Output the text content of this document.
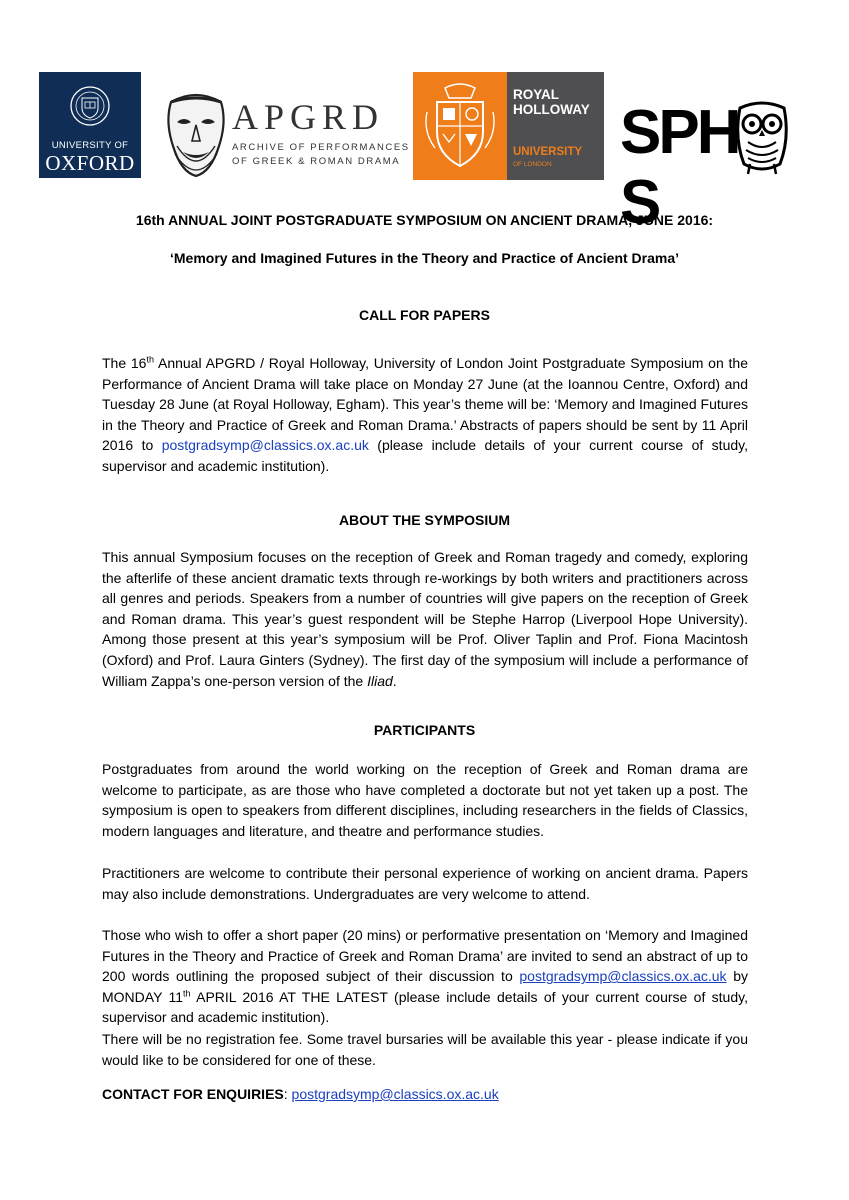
UNIVERSITY OF
OXFORD
APGRD
ARCHIVE OF PERFORMANCES
OF GREEK & ROMAN DRAMA
ROYAL
HOLLOWAY
UNIVERSITY
OF LONDON SPHS
16th ANNUAL JOINT POSTGRADUATE SYMPOSIUM ON ANCIENT DRAMA, JUNE 2016:
‘Memory and Imagined Futures in the Theory and Practice of Ancient Drama’
CALL FOR PAPERS
The 16th Annual APGRD / Royal Holloway, University of London Joint Postgraduate Symposium on the Performance of Ancient Drama will take place on Monday 27 June (at the Ioannou Centre, Oxford) and Tuesday 28 June (at Royal Holloway, Egham). This year’s theme will be: ‘Memory and Imagined Futures in the Theory and Practice of Greek and Roman Drama.’ Abstracts of papers should be sent by 11 April 2016 to postgradsymp@classics.ox.ac.uk (please include details of your current course of study, supervisor and academic institution).
ABOUT THE SYMPOSIUM
This annual Symposium focuses on the reception of Greek and Roman tragedy and comedy, exploring the afterlife of these ancient dramatic texts through re-workings by both writers and practitioners across all genres and periods. Speakers from a number of countries will give papers on the reception of Greek and Roman drama. This year’s guest respondent will be Stephe Harrop (Liverpool Hope University). Among those present at this year’s symposium will be Prof. Oliver Taplin and Prof. Fiona Macintosh (Oxford) and Prof. Laura Ginters (Sydney). The first day of the symposium will include a performance of William Zappa’s one-person version of the Iliad.
PARTICIPANTS
Postgraduates from around the world working on the reception of Greek and Roman drama are welcome to participate, as are those who have completed a doctorate but not yet taken up a post. The symposium is open to speakers from different disciplines, including researchers in the fields of Classics, modern languages and literature, and theatre and performance studies.
Practitioners are welcome to contribute their personal experience of working on ancient drama. Papers may also include demonstrations. Undergraduates are very welcome to attend.
Those who wish to offer a short paper (20 mins) or performative presentation on ‘Memory and Imagined Futures in the Theory and Practice of Greek and Roman Drama’ are invited to send an abstract of up to 200 words outlining the proposed subject of their discussion to postgradsymp@classics.ox.ac.uk by MONDAY 11th APRIL 2016 AT THE LATEST (please include details of your current course of study, supervisor and academic institution).
There will be no registration fee. Some travel bursaries will be available this year - please indicate if you would like to be considered for one of these.
CONTACT FOR ENQUIRIES: postgradsymp@classics.ox.ac.uk
